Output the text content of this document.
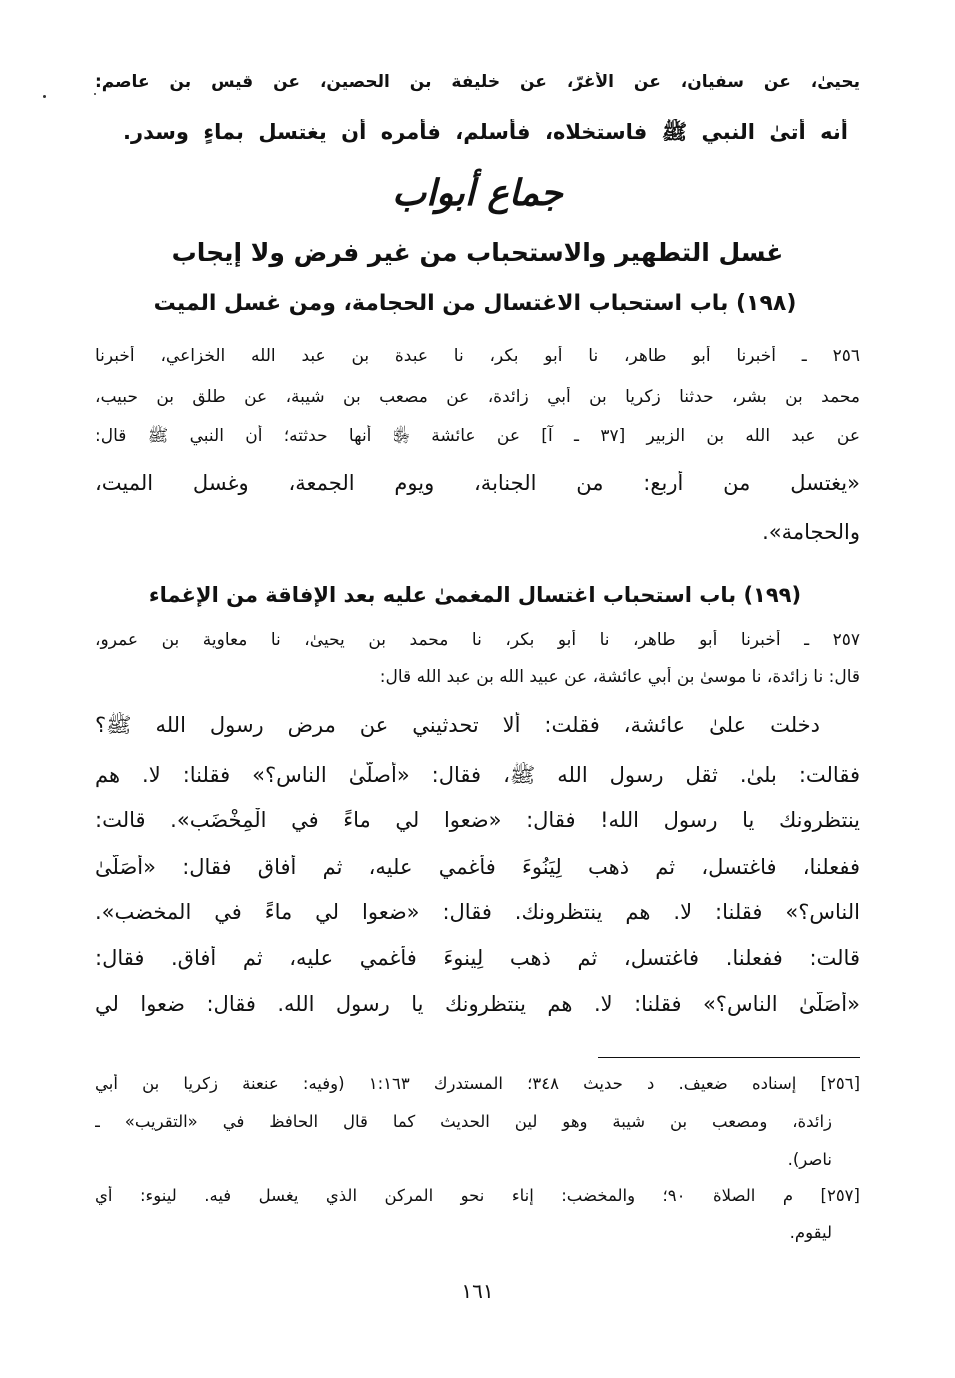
يحيىٰ، عن سفيان، عن الأغرّ، عن خليفة بن الحصين، عن قيس بن عاصم:
أنه أتىٰ النبي ﷺ فاستخلاه، فأسلم، فأمره أن يغتسل بماءٍ وسدر.
جماع أبواب
غسل التطهير والاستحباب من غير فرض ولا إيجاب
(١٩٨) باب استحباب الاغتسال من الحجامة، ومن غسل الميت
٢٥٦ ـ أخبرنا أبو طاهر، نا أبو بكر، نا عبدة بن عبد الله الخزاعي، أخبرنا
محمد بن بشر، حدثنا زكريا بن أبي زائدة، عن مصعب بن شيبة، عن طلق بن حبيب،
عن عبد الله بن الزبير [٣٧ ـ آ] عن عائشة ﵂ أنها حدثته؛ أن النبي ﷺ قال:
«يغتسل من أربعٍ: من الجنابة، ويوم الجمعة، وغسل الميت،
والحجامة».
(١٩٩) باب استحباب اغتسال المغمىٰ عليه بعد الإفاقة من الإغماء
٢٥٧ ـ أخبرنا أبو طاهر، نا أبو بكر، نا محمد بن يحيىٰ، نا معاوية بن عمرو،
قال: نا زائدة، نا موسىٰ بن أبي عائشة، عن عبيد الله بن عبد الله قال:
دخلت علىٰ عائشة، فقلت: ألا تحدثيني عن مرض رسول الله ﷺ؟
فقالت: بلىٰ. ثقل رسول الله ﷺ، فقال: «أصلَّىٰ الناس؟» فقلنا: لا. هم
ينتظرونك يا رسول الله! فقال: «ضعوا لي ماءً في الْمِخْضَب». قالت:
ففعلنا، فاغتسل، ثم ذهب لِيَنُوءَ فأُغمي عليه، ثم أفاق فقال: «أَصَلَّىٰ
الناس؟» فقلنا: لا. هم ينتظرونك. فقال: «ضعوا لي ماءً في المخضب».
قالت: ففعلنا. فاغتسل، ثم ذهب لِينوءَ فأُغمي عليه، ثم أفاق. فقال:
«أَصَلَّىٰ الناس؟» فقلنا: لا. هم ينتظرونك يا رسول الله. فقال: ضعوا لي
[٢٥٦] إسناده ضعيف. د حديث ٣٤٨؛ المستدرك ١:١٦٣ (وفيه: عنعنة زكريا بن أبي
زائدة، ومصعب بن شيبة وهو لين الحديث كما قال الحافظ في «التقريب» ـ
ناصر).
[٢٥٧] م الصلاة ٩٠؛ والمخضب: إناء نحو المركن الذي يغسل فيه. لينوء: أي
ليقوم.
١٦١
